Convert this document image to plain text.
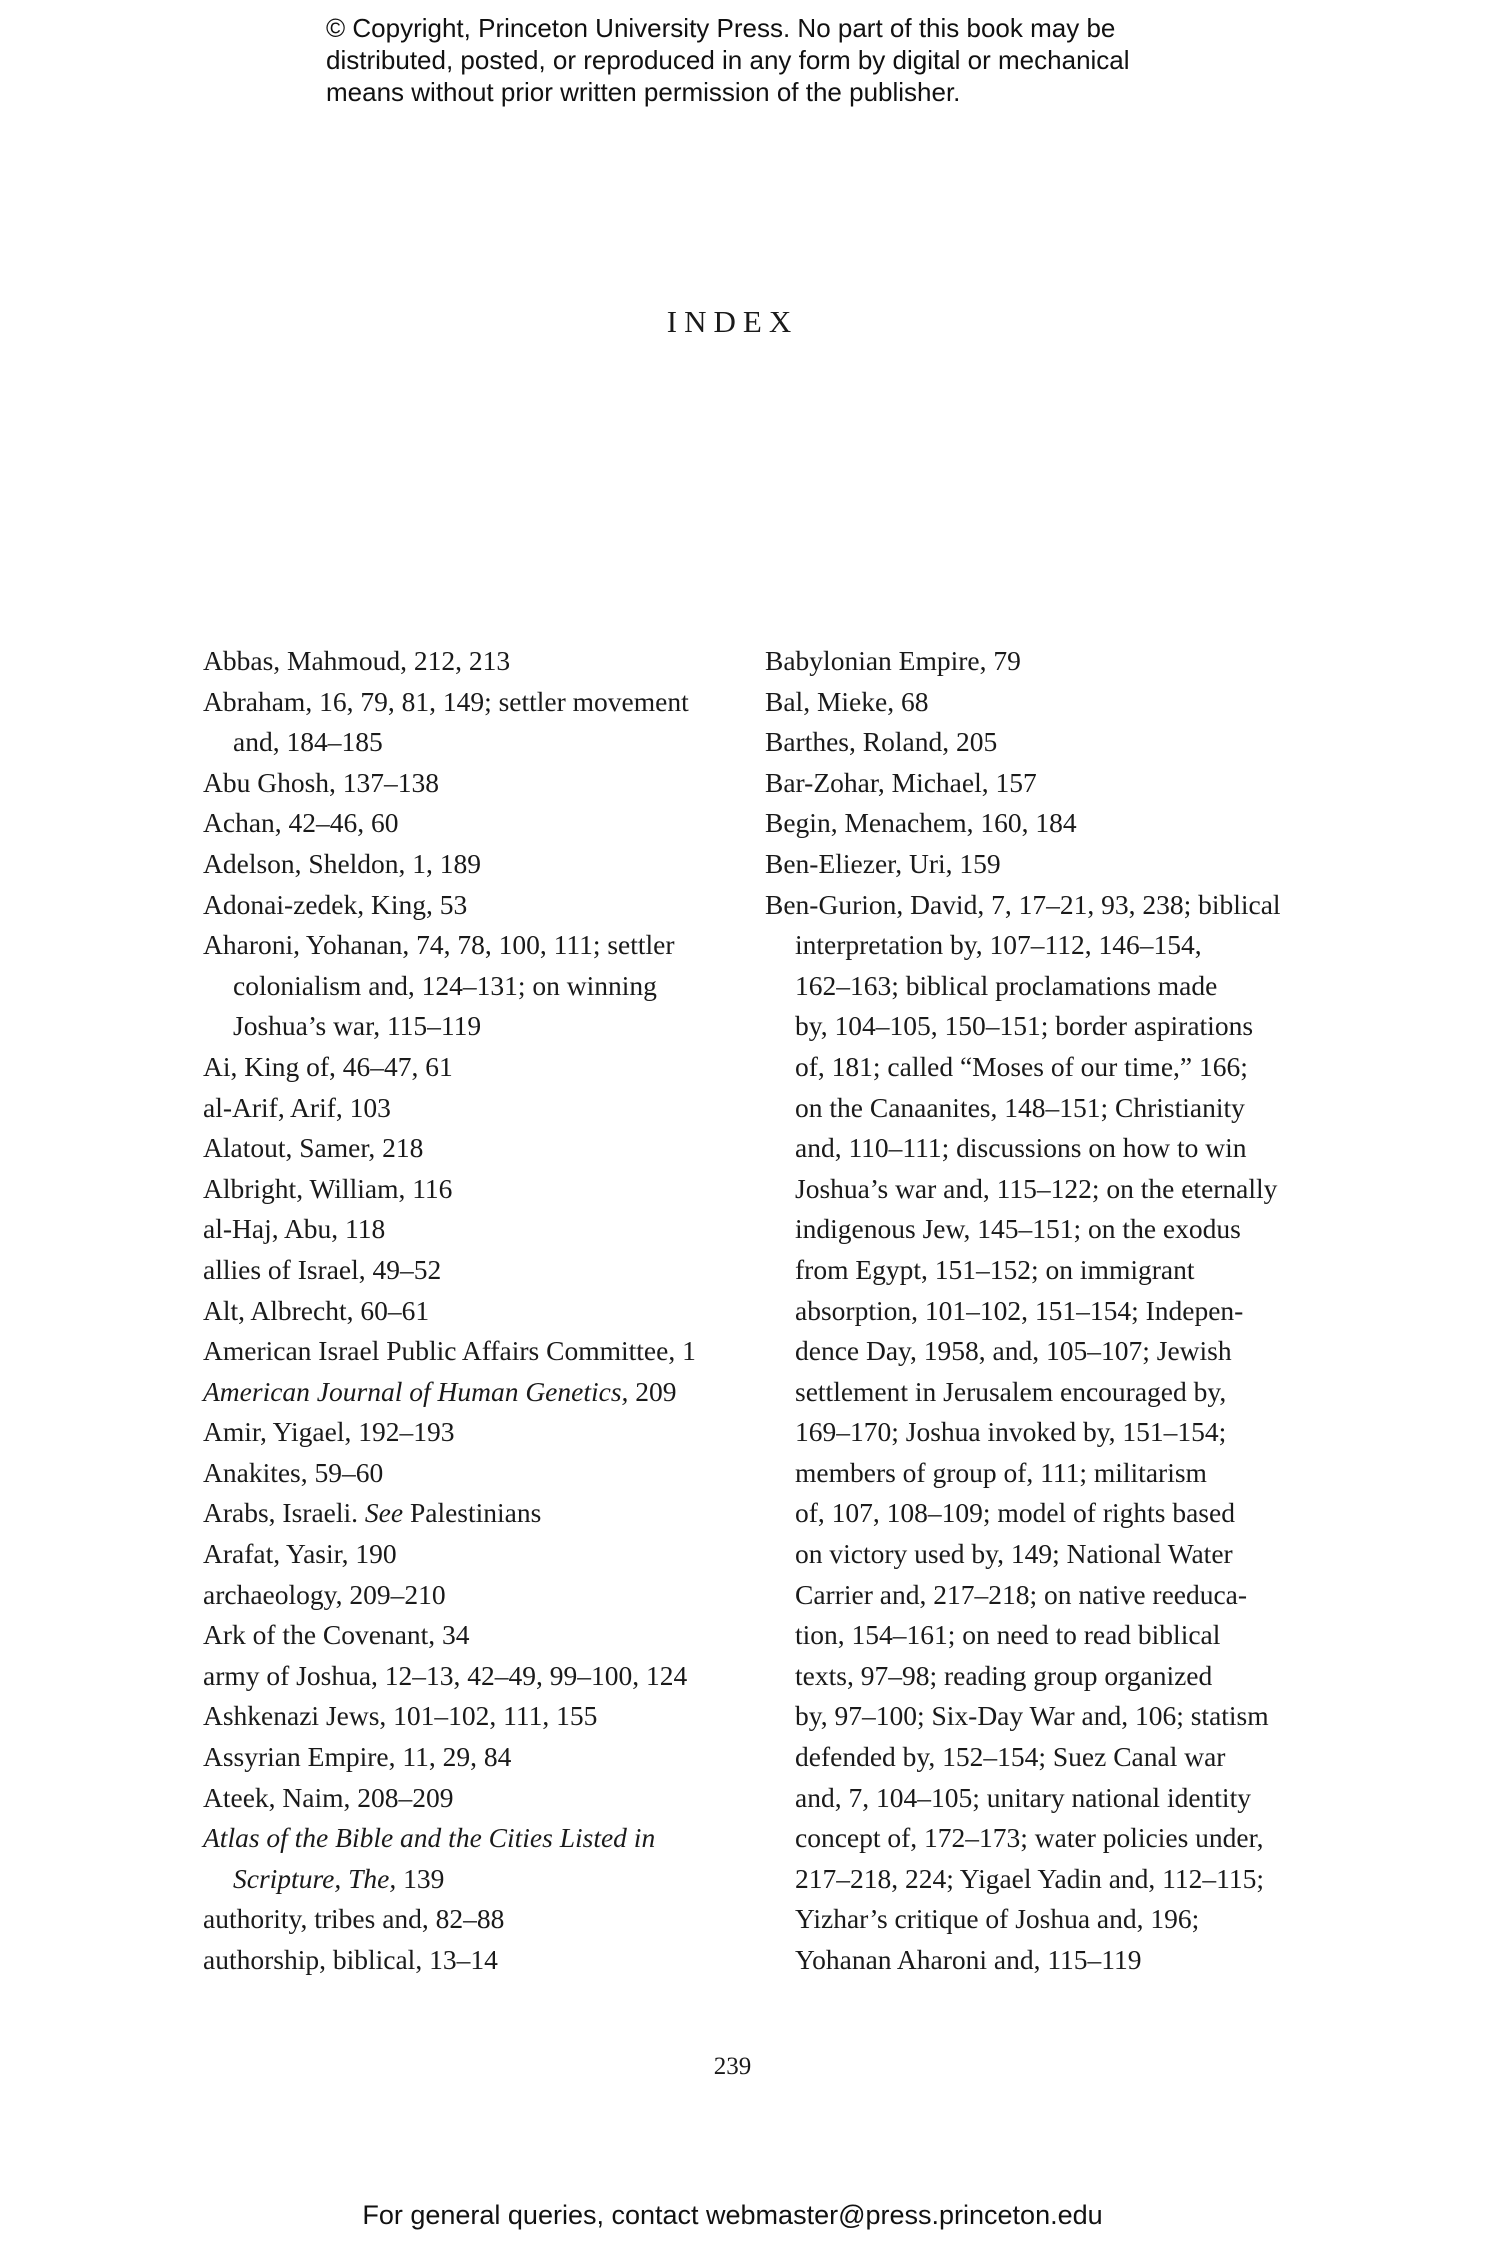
© Copyright, Princeton University Press. No part of this book may be
distributed, posted, or reproduced in any form by digital or mechanical
means without prior written permission of the publisher.
INDEX
Abbas, Mahmoud, 212, 213
Abraham, 16, 79, 81, 149; settler movement
and, 184–185
Abu Ghosh, 137–138
Achan, 42–46, 60
Adelson, Sheldon, 1, 189
Adonai-zedek, King, 53
Aharoni, Yohanan, 74, 78, 100, 111; settler
colonialism and, 124–131; on winning
Joshua’s war, 115–119
Ai, King of, 46–47, 61
al-Arif, Arif, 103
Alatout, Samer, 218
Albright, William, 116
al-Haj, Abu, 118
allies of Israel, 49–52
Alt, Albrecht, 60–61
American Israel Public Affairs Committee, 1
American Journal of Human Genetics, 209
Amir, Yigael, 192–193
Anakites, 59–60
Arabs, Israeli. See Palestinians
Arafat, Yasir, 190
archaeology, 209–210
Ark of the Covenant, 34
army of Joshua, 12–13, 42–49, 99–100, 124
Ashkenazi Jews, 101–102, 111, 155
Assyrian Empire, 11, 29, 84
Ateek, Naim, 208–209
Atlas of the Bible and the Cities Listed in
Scripture, The, 139
authority, tribes and, 82–88
authorship, biblical, 13–14
Babylonian Empire, 79
Bal, Mieke, 68
Barthes, Roland, 205
Bar-Zohar, Michael, 157
Begin, Menachem, 160, 184
Ben-Eliezer, Uri, 159
Ben-Gurion, David, 7, 17–21, 93, 238; biblical
interpretation by, 107–112, 146–154,
162–163; biblical proclamations made
by, 104–105, 150–151; border aspirations
of, 181; called “Moses of our time,” 166;
on the Canaanites, 148–151; Christianity
and, 110–111; discussions on how to win
Joshua’s war and, 115–122; on the eternally
indigenous Jew, 145–151; on the exodus
from Egypt, 151–152; on immigrant
absorption, 101–102, 151–154; Indepen-
dence Day, 1958, and, 105–107; Jewish
settlement in Jerusalem encouraged by,
169–170; Joshua invoked by, 151–154;
members of group of, 111; militarism
of, 107, 108–109; model of rights based
on victory used by, 149; National Water
Carrier and, 217–218; on native reeduca-
tion, 154–161; on need to read biblical
texts, 97–98; reading group organized
by, 97–100; Six-Day War and, 106; statism
defended by, 152–154; Suez Canal war
and, 7, 104–105; unitary national identity
concept of, 172–173; water policies under,
217–218, 224; Yigael Yadin and, 112–115;
Yizhar’s critique of Joshua and, 196;
Yohanan Aharoni and, 115–119
239
For general queries, contact webmaster@press.princeton.edu
